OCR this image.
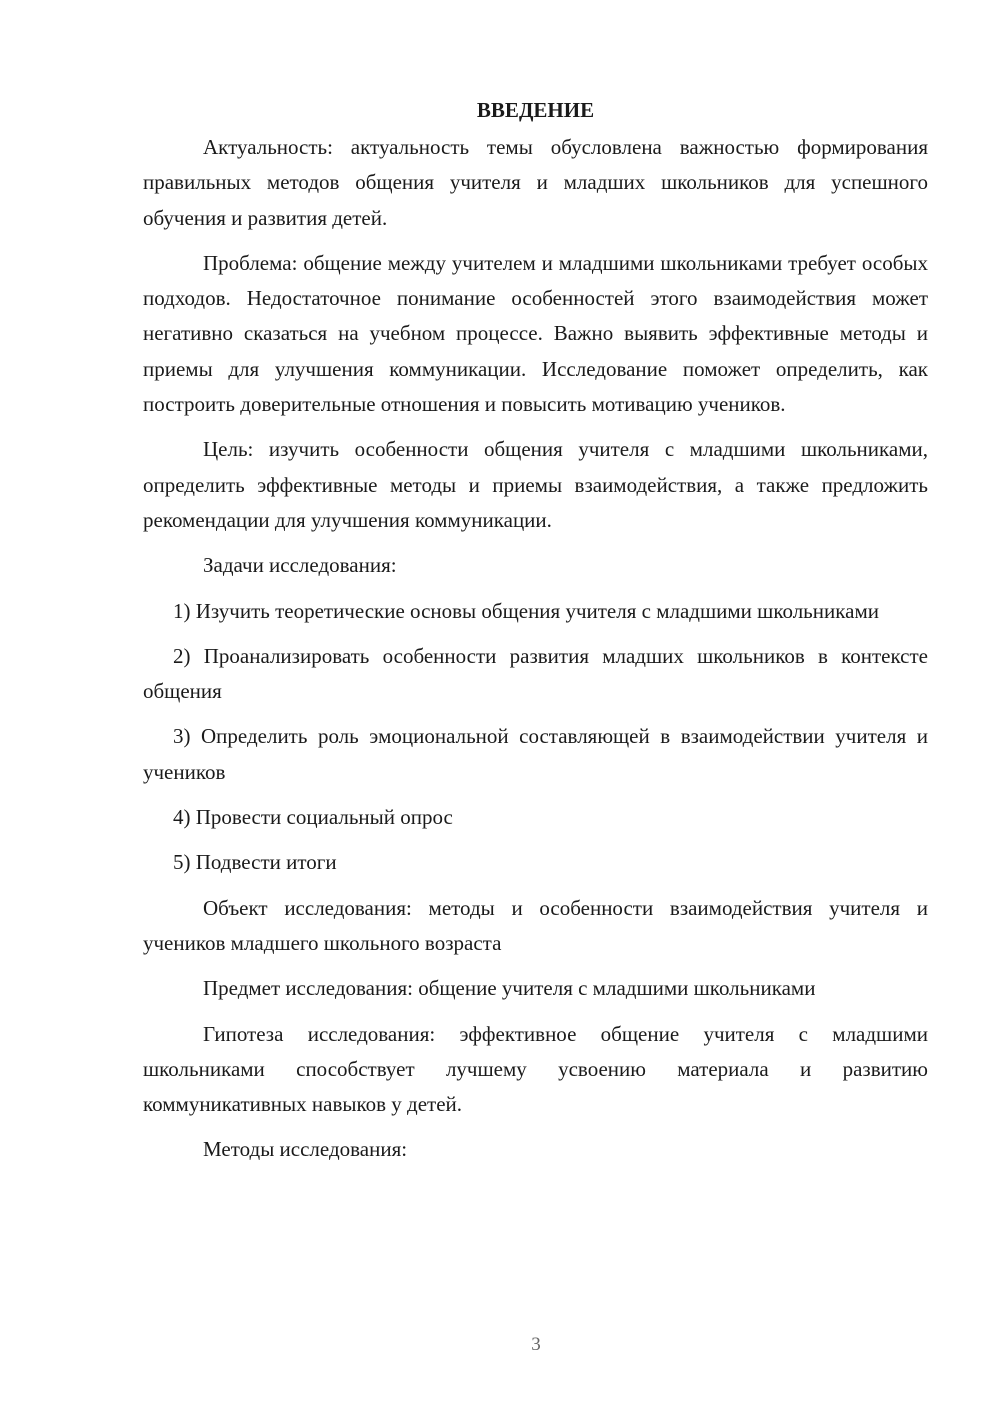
ВВЕДЕНИЕ

Актуальность: актуальность темы обусловлена важностью формирования правильных методов общения учителя и младших школьников для успешного обучения и развития детей.

Проблема: общение между учителем и младшими школьниками требует особых подходов. Недостаточное понимание особенностей этого взаимодействия может негативно сказаться на учебном процессе. Важно выявить эффективные методы и приемы для улучшения коммуникации. Исследование поможет определить, как построить доверительные отношения и повысить мотивацию учеников.

Цель: изучить особенности общения учителя с младшими школьниками, определить эффективные методы и приемы взаимодействия, а также предложить рекомендации для улучшения коммуникации.

Задачи исследования:

1) Изучить теоретические основы общения учителя с младшими школьниками

2) Проанализировать особенности развития младших школьников в контексте общения

3) Определить роль эмоциональной составляющей в взаимодействии учителя и учеников

4) Провести социальный опрос

5) Подвести итоги

Объект исследования: методы и особенности взаимодействия учителя и учеников младшего школьного возраста

Предмет исследования: общение учителя с младшими школьниками

Гипотеза исследования: эффективное общение учителя с младшими школьниками способствует лучшему усвоению материала и развитию коммуникативных навыков у детей.

Методы исследования:

3
